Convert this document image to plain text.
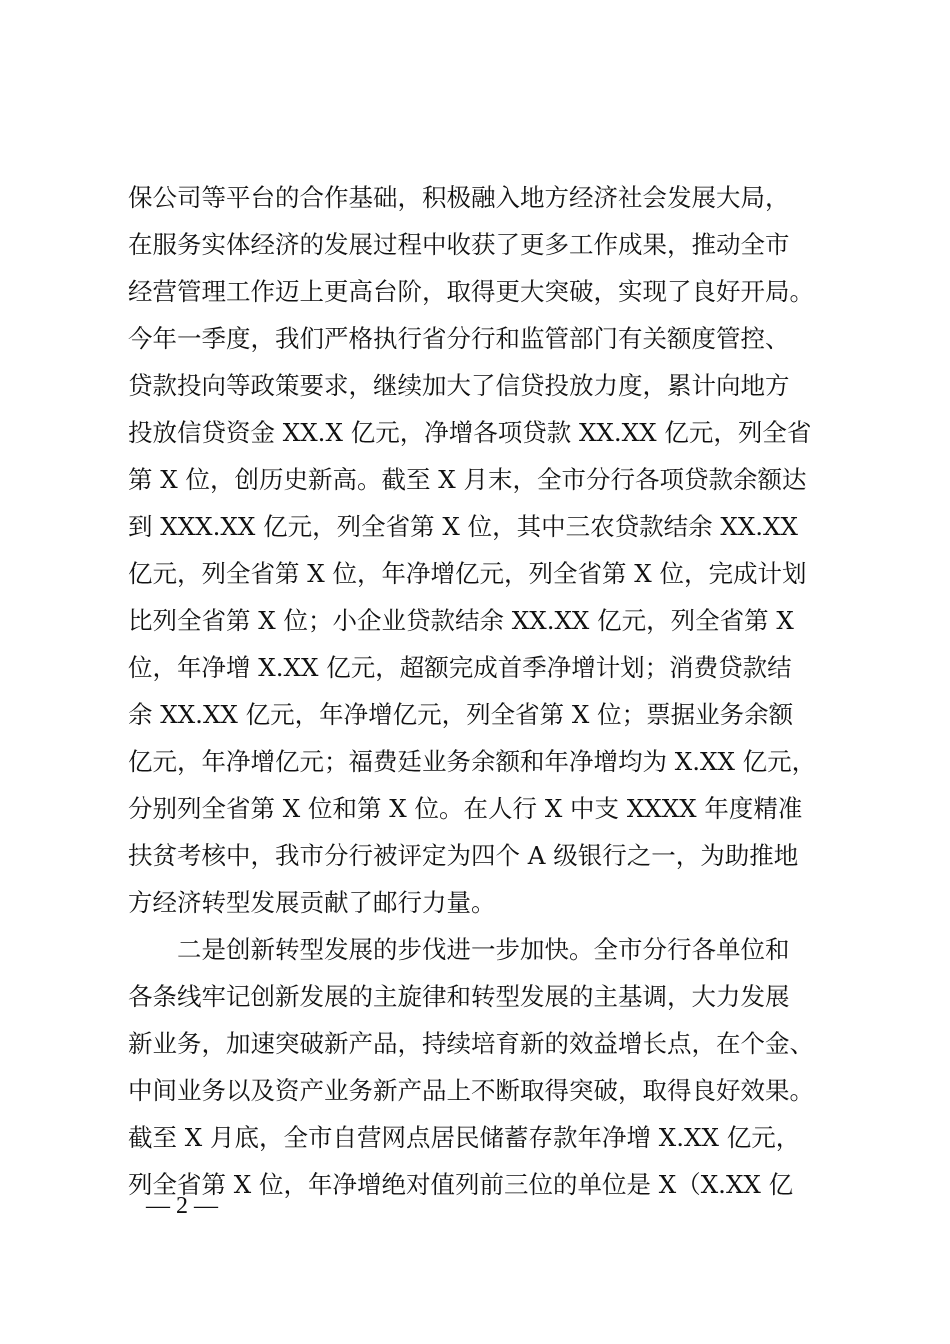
保公司等平台的合作基础，积极融入地方经济社会发展大局，
在服务实体经济的发展过程中收获了更多工作成果，推动全市
经营管理工作迈上更高台阶，取得更大突破，实现了良好开局。
今年一季度，我们严格执行省分行和监管部门有关额度管控、
贷款投向等政策要求，继续加大了信贷投放力度，累计向地方
投放信贷资金 XX.X 亿元，净增各项贷款 XX.XX 亿元，列全省
第 X 位，创历史新高。截至 X 月末，全市分行各项贷款余额达
到 XXX.XX 亿元，列全省第 X 位，其中三农贷款结余 XX.XX
亿元，列全省第 X 位，年净增亿元，列全省第 X 位，完成计划
比列全省第 X 位；小企业贷款结余 XX.XX 亿元，列全省第 X
位，年净增 X.XX 亿元，超额完成首季净增计划；消费贷款结
余 XX.XX 亿元，年净增亿元，列全省第 X 位；票据业务余额
亿元，年净增亿元；福费廷业务余额和年净增均为 X.XX 亿元，
分别列全省第 X 位和第 X 位。在人行 X 中支 XXXX 年度精准
扶贫考核中，我市分行被评定为四个 A 级银行之一，为助推地
方经济转型发展贡献了邮行力量。
　　二是创新转型发展的步伐进一步加快。全市分行各单位和
各条线牢记创新发展的主旋律和转型发展的主基调，大力发展
新业务，加速突破新产品，持续培育新的效益增长点，在个金、
中间业务以及资产业务新产品上不断取得突破，取得良好效果。
截至 X 月底，全市自营网点居民储蓄存款年净增 X.XX 亿元，
列全省第 X 位，年净增绝对值列前三位的单位是 X（X.XX 亿
— 2 —
